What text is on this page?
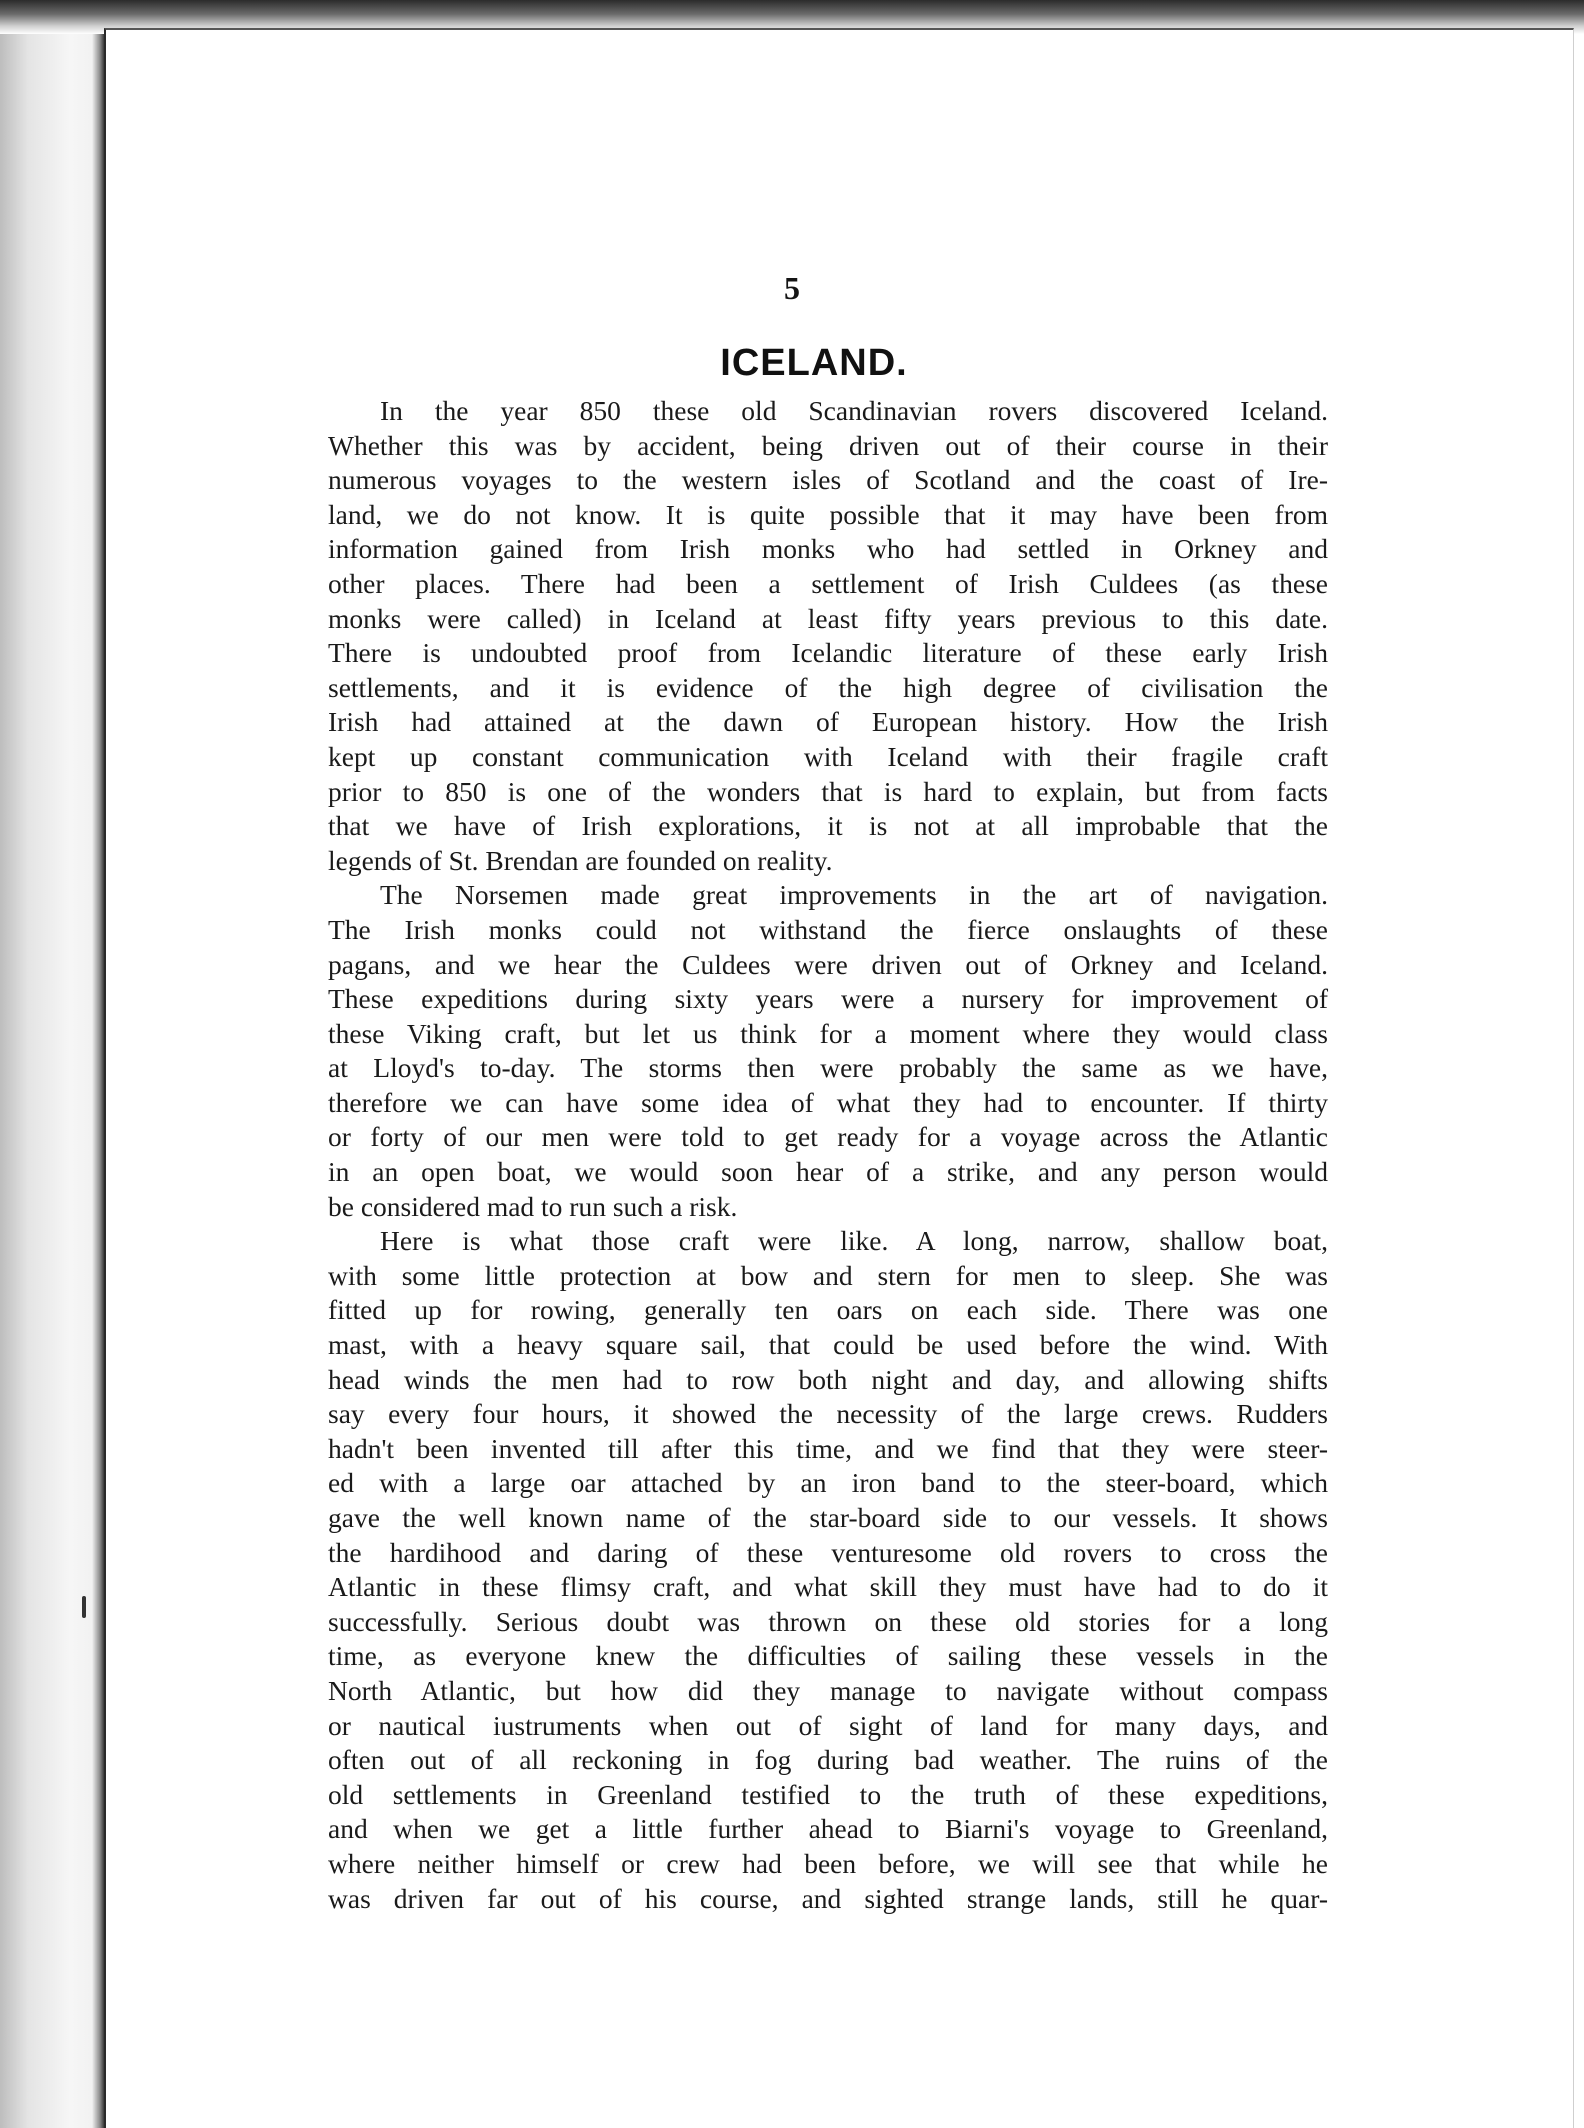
5
ICELAND.
In the year 850 these old Scandinavian rovers discovered Iceland.
Whether this was by accident, being driven out of their course in their
numerous voyages to the western isles of Scotland and the coast of Ire-
land, we do not know. It is quite possible that it may have been from
information gained from Irish monks who had settled in Orkney and
other places. There had been a settlement of Irish Culdees (as these
monks were called) in Iceland at least fifty years previous to this date.
There is undoubted proof from Icelandic literature of these early Irish
settlements, and it is evidence of the high degree of civilisation the
Irish had attained at the dawn of European history. How the Irish
kept up constant communication with Iceland with their fragile craft
prior to 850 is one of the wonders that is hard to explain, but from facts
that we have of Irish explorations, it is not at all improbable that the
legends of St. Brendan are founded on reality.
The Norsemen made great improvements in the art of navigation.
The Irish monks could not withstand the fierce onslaughts of these
pagans, and we hear the Culdees were driven out of Orkney and Iceland.
These expeditions during sixty years were a nursery for improvement of
these Viking craft, but let us think for a moment where they would class
at Lloyd's to-day. The storms then were probably the same as we have,
therefore we can have some idea of what they had to encounter. If thirty
or forty of our men were told to get ready for a voyage across the Atlantic
in an open boat, we would soon hear of a strike, and any person would
be considered mad to run such a risk.
Here is what those craft were like. A long, narrow, shallow boat,
with some little protection at bow and stern for men to sleep. She was
fitted up for rowing, generally ten oars on each side. There was one
mast, with a heavy square sail, that could be used before the wind. With
head winds the men had to row both night and day, and allowing shifts
say every four hours, it showed the necessity of the large crews. Rudders
hadn't been invented till after this time, and we find that they were steer-
ed with a large oar attached by an iron band to the steer-board, which
gave the well known name of the star-board side to our vessels. It shows
the hardihood and daring of these venturesome old rovers to cross the
Atlantic in these flimsy craft, and what skill they must have had to do it
successfully. Serious doubt was thrown on these old stories for a long
time, as everyone knew the difficulties of sailing these vessels in the
North Atlantic, but how did they manage to navigate without compass
or nautical iustruments when out of sight of land for many days, and
often out of all reckoning in fog during bad weather. The ruins of the
old settlements in Greenland testified to the truth of these expeditions,
and when we get a little further ahead to Biarni's voyage to Greenland,
where neither himself or crew had been before, we will see that while he
was driven far out of his course, and sighted strange lands, still he quar-
